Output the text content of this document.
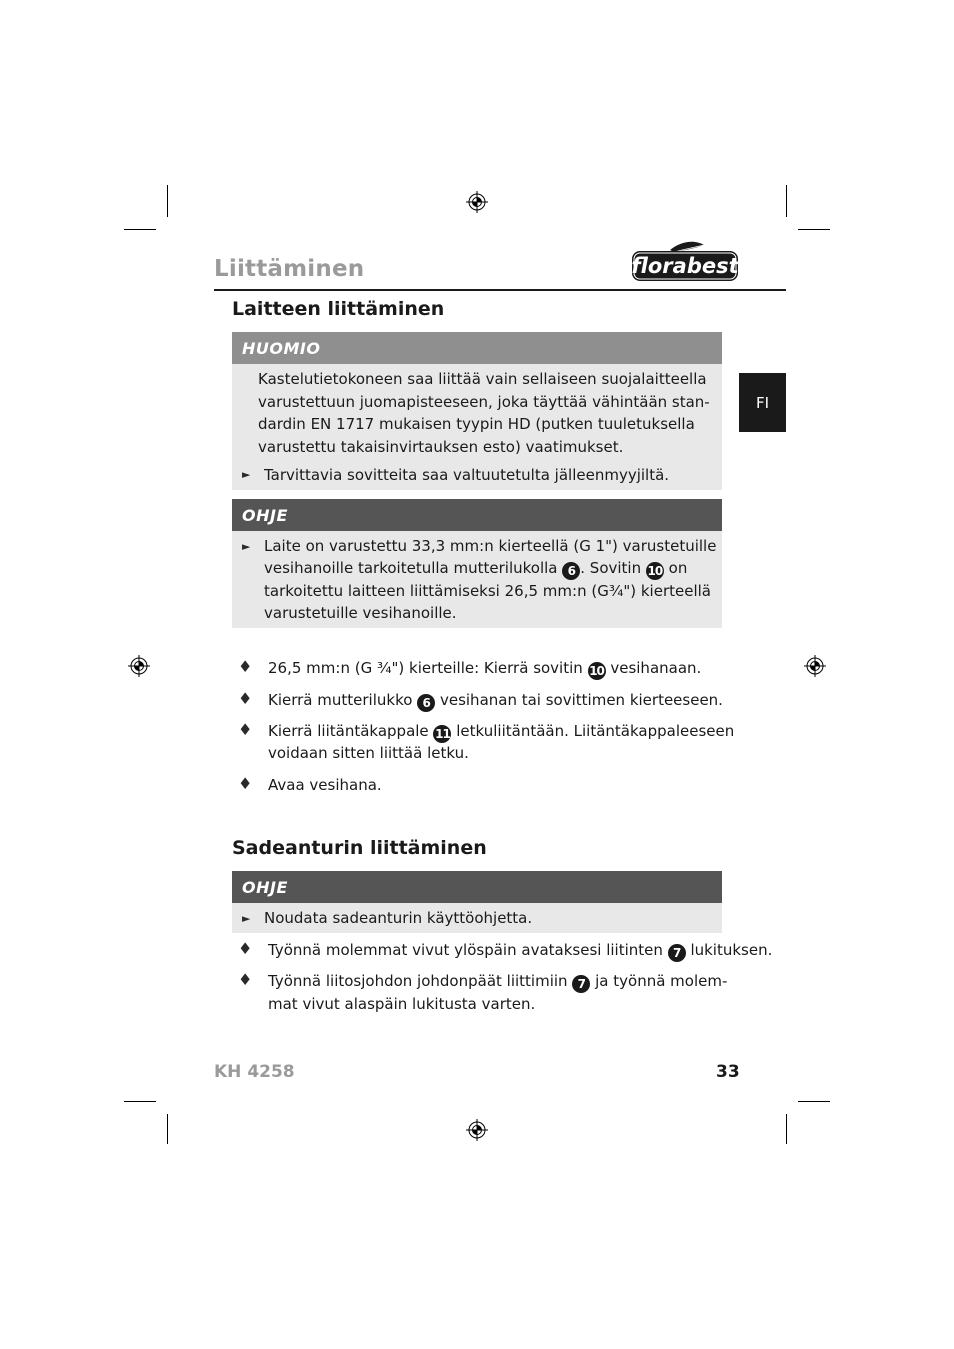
Liittäminen	florabest
FI
Laitteen liittäminen
HUOMIO
Kastelutietokoneen saa liittää vain sellaiseen suojalaitteella
varustettuun juomapisteeseen, joka täyttää vähintään stan-
dardin EN 1717 mukaisen tyypin HD (putken tuuletuksella
varustettu takaisinvirtauksen esto) vaatimukset.
► Tarvittavia sovitteita saa valtuutetulta jälleenmyyjiltä.
OHJE
► Laite on varustettu 33,3 mm:n kierteellä (G 1") varustetuille
vesihanoille tarkoitetulla mutterilukolla 6 . Sovitin 10 on
tarkoitettu laitteen liittämiseksi 26,5 mm:n (G³⁄₄") kierteellä
varustetuille vesihanoille.
♦ 26,5 mm:n (G ³⁄₄") kierteille: Kierrä sovitin 10 vesihanaan.
♦ Kierrä mutterilukko 6 vesihanan tai sovittimen kierteeseen.
♦ Kierrä liitäntäkappale 11 letkuliitäntään. Liitäntäkappaleeseen
voidaan sitten liittää letku.
♦ Avaa vesihana.
Sadeanturin liittäminen
OHJE
► Noudata sadeanturin käyttöohjetta.
♦ Työnnä molemmat vivut ylöspäin avataksesi liitinten 7 lukituksen.
♦ Työnnä liitosjohdon johdonpäät liittimiin 7 ja työnnä molem-
mat vivut alaspäin lukitusta varten.
KH 4258	33
